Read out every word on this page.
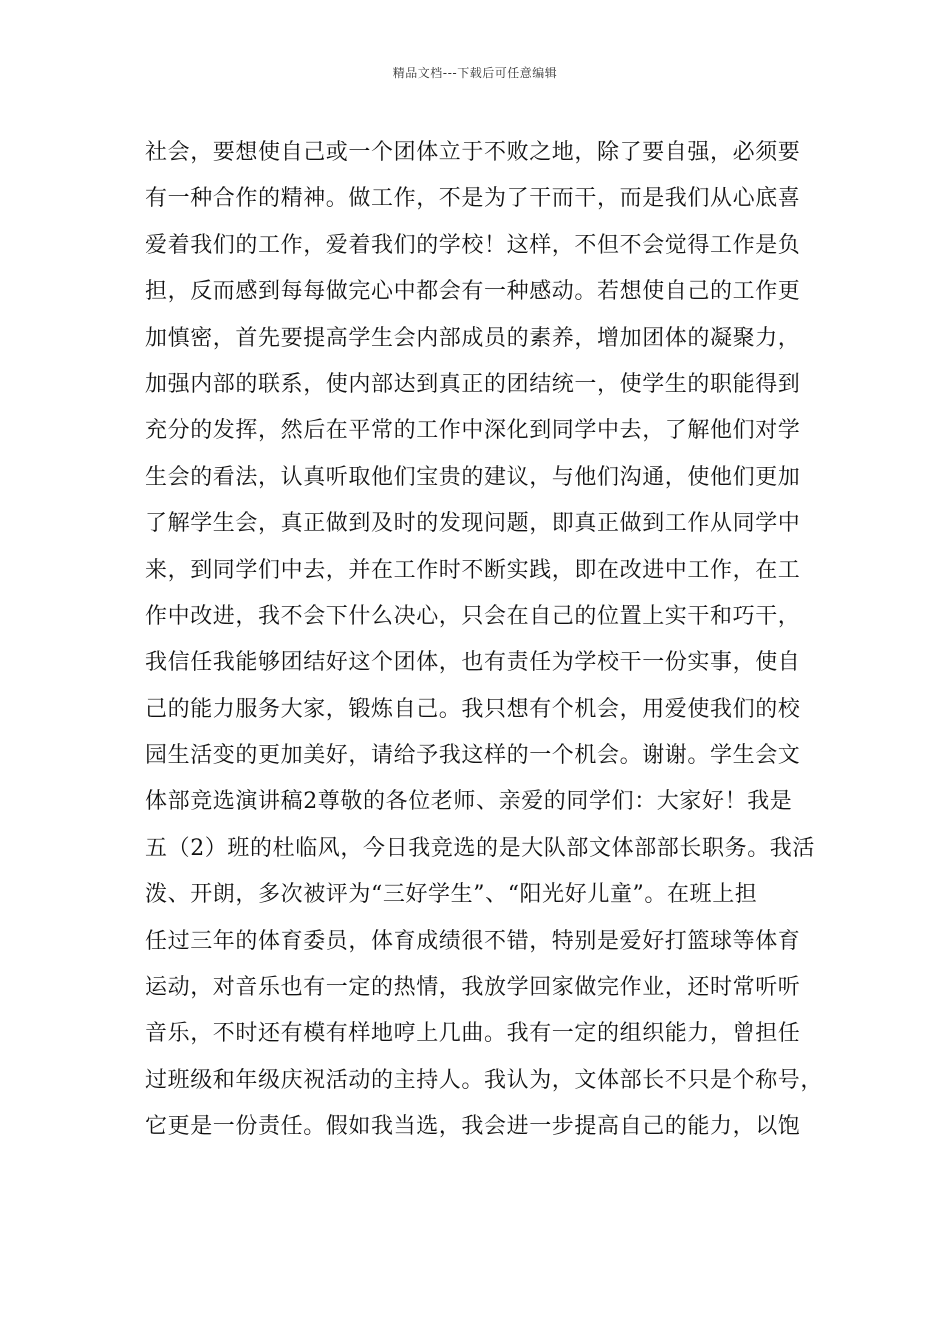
精品文档---下载后可任意编辑
社会，要想使自己或一个团体立于不败之地，除了要自强，必须要
有一种合作的精神。做工作，不是为了干而干，而是我们从心底喜
爱着我们的工作，爱着我们的学校！这样，不但不会觉得工作是负
担，反而感到每每做完心中都会有一种感动。若想使自己的工作更
加慎密，首先要提高学生会内部成员的素养，增加团体的凝聚力，
加强内部的联系，使内部达到真正的团结统一，使学生的职能得到
充分的发挥，然后在平常的工作中深化到同学中去，了解他们对学
生会的看法，认真听取他们宝贵的建议，与他们沟通，使他们更加
了解学生会，真正做到及时的发现问题，即真正做到工作从同学中
来，到同学们中去，并在工作时不断实践，即在改进中工作，在工
作中改进，我不会下什么决心，只会在自己的位置上实干和巧干，
我信任我能够团结好这个团体，也有责任为学校干一份实事，使自
己的能力服务大家，锻炼自己。我只想有个机会，用爱使我们的校
园生活变的更加美好，请给予我这样的一个机会。谢谢。学生会文
体部竞选演讲稿2尊敬的各位老师、亲爱的同学们：大家好！我是
五（2）班的杜临风，今日我竞选的是大队部文体部部长职务。我活
泼、开朗，多次被评为“三好学生”、“阳光好儿童”。在班上担
任过三年的体育委员，体育成绩很不错，特别是爱好打篮球等体育
运动，对音乐也有一定的热情，我放学回家做完作业，还时常听听
音乐，不时还有模有样地哼上几曲。我有一定的组织能力，曾担任
过班级和年级庆祝活动的主持人。我认为，文体部长不只是个称号，
它更是一份责任。假如我当选，我会进一步提高自己的能力，以饱
